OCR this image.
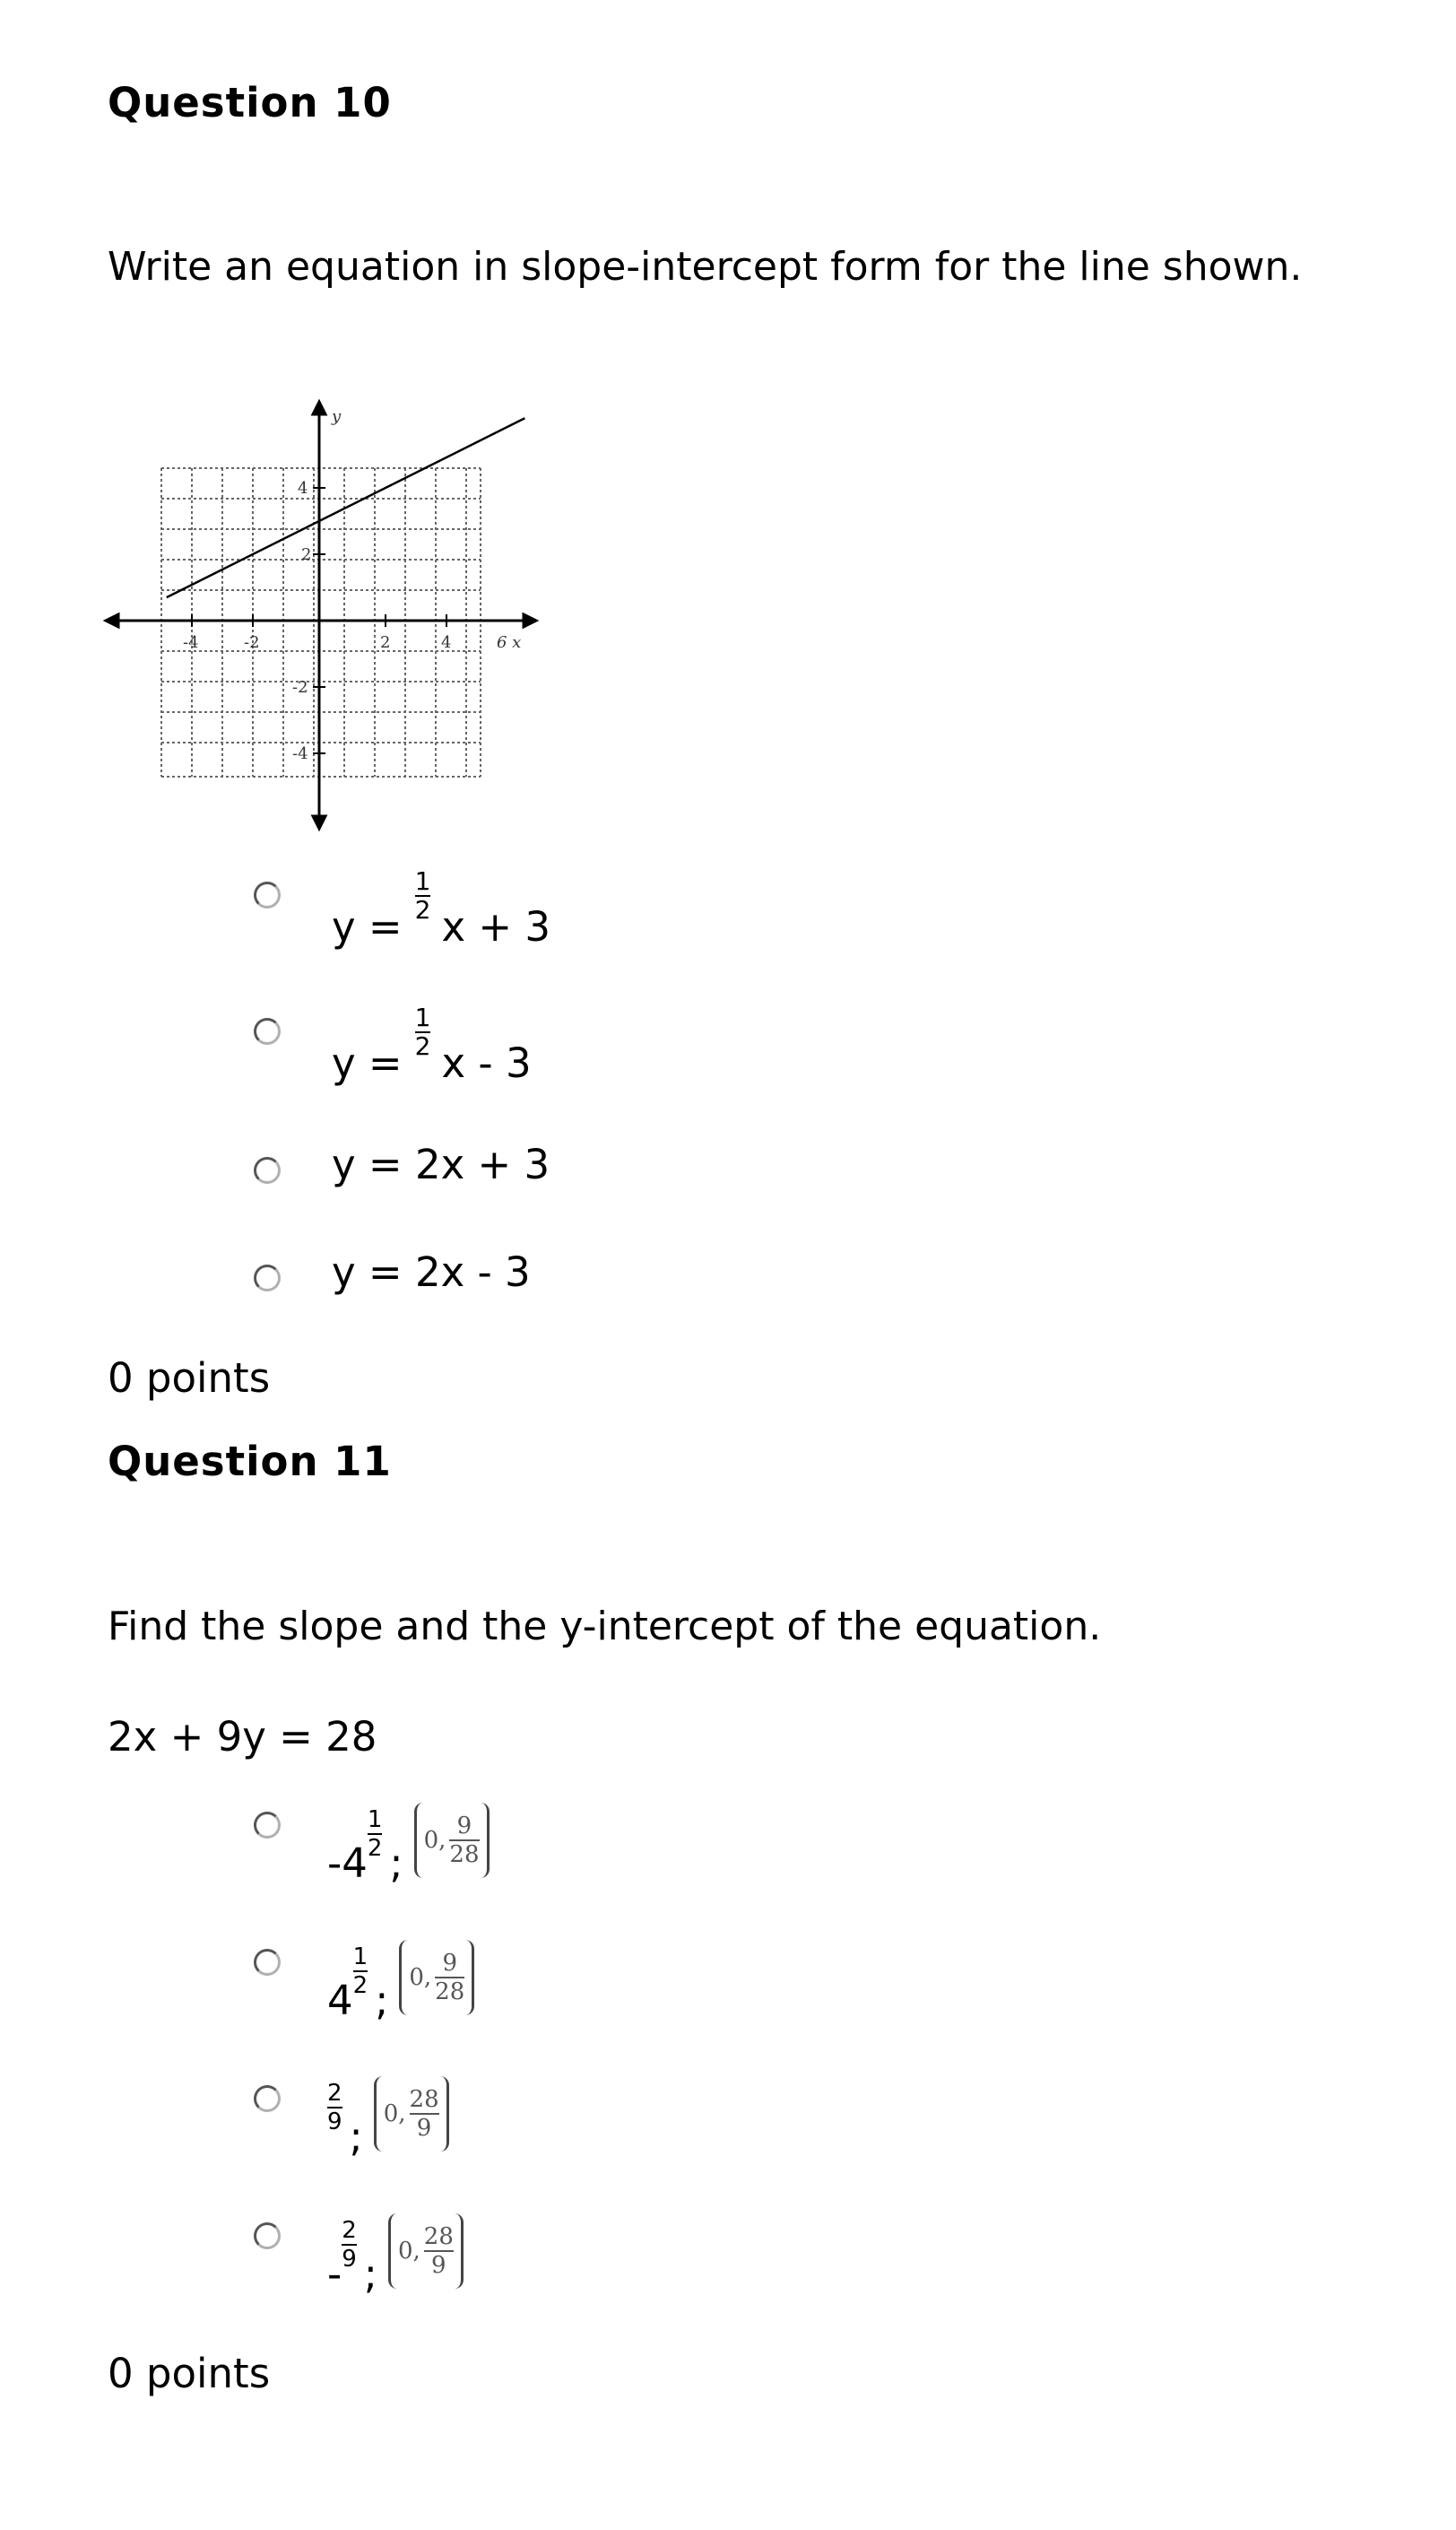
Question 10
Write an equation in slope-intercept form for the line shown.
-4	-2	2	4
4
2
-2
-4
y
6 x
y =
$\frac{1}{2}$
x + 3
y =
$\frac{1}{2}$
x - 3
y = 2x + 3
y = 2x - 3
0 points
Question 11
Find the slope and the y-intercept of the equation.
2x + 9y = 28
-4
$\frac{1}{2}$
; 0, $\frac{9}{28}$
4
$\frac{1}{2}$
; 0, $\frac{9}{28}$
$\frac{2}{9}$
; 0, $\frac{28}{9}$
-
$\frac{2}{9}$
; 0, $\frac{28}{9}$
0 points
